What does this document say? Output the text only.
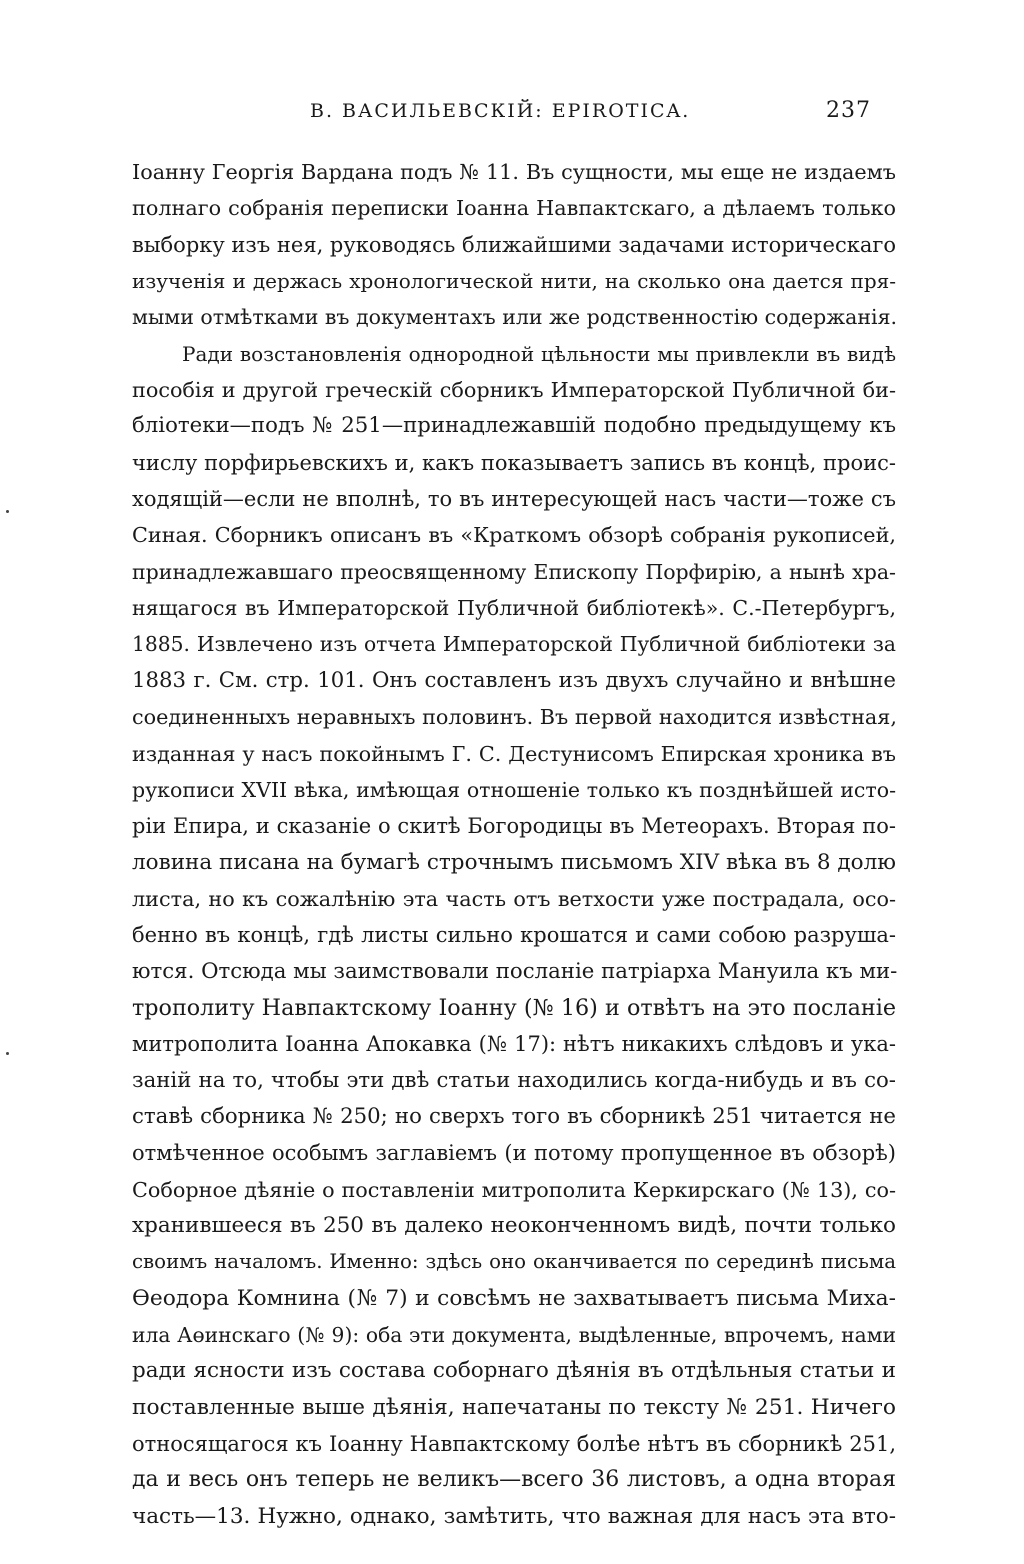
В. ВАСИЛЬЕВСКІЙ: EPIROTICA.	237
Іоанну Георгія Вардана подъ № 11. Въ сущности, мы еще не издаемъ
полнаго собранія переписки Іоанна Навпактскаго, а дѣлаемъ только
выборку изъ нея, руководясь ближайшими задачами историческаго
изученія и держась хронологической нити, на сколько она дается пря-
мыми отмѣтками въ документахъ или же родственностію содержанія.
Ради возстановленія однородной цѣльности мы привлекли въ видѣ
пособія и другой греческій сборникъ Императорской Публичной би-
бліотеки—подъ № 251—принадлежавшій подобно предыдущему къ
числу порфирьевскихъ и, какъ показываетъ запись въ концѣ, проис-
ходящій—если не вполнѣ, то въ интересующей насъ части—тоже съ
Синая. Сборникъ описанъ въ «Краткомъ обзорѣ собранія рукописей,
принадлежавшаго преосвященному Епископу Порфирію, а нынѣ хра-
нящагося въ Императорской Публичной библіотекѣ». С.-Петербургъ,
1885. Извлечено изъ отчета Императорской Публичной библіотеки за
1883 г. См. стр. 101. Онъ составленъ изъ двухъ случайно и внѣшне
соединенныхъ неравныхъ половинъ. Въ первой находится извѣстная,
изданная у насъ покойнымъ Г. С. Дестунисомъ Епирская хроника въ
рукописи XVII вѣка, имѣющая отношеніе только къ позднѣйшей исто-
ріи Епира, и сказаніе о скитѣ Богородицы въ Метеорахъ. Вторая по-
ловина писана на бумагѣ строчнымъ письмомъ XIV вѣка въ 8 долю
листа, но къ сожалѣнію эта часть отъ ветхости уже пострадала, осо-
бенно въ концѣ, гдѣ листы сильно крошатся и сами собою разруша-
ются. Отсюда мы заимствовали посланіе патріарха Мануила къ ми-
трополиту Навпактскому Іоанну (№ 16) и отвѣтъ на это посланіе
митрополита Іоанна Апокавка (№ 17): нѣтъ никакихъ слѣдовъ и ука-
заній на то, чтобы эти двѣ статьи находились когда-нибудь и въ со-
ставѣ сборника № 250; но сверхъ того въ сборникѣ 251 читается не
отмѣченное особымъ заглавіемъ (и потому пропущенное въ обзорѣ)
Соборное дѣяніе о поставленіи митрополита Керкирскаго (№ 13), со-
хранившееся въ 250 въ далеко неоконченномъ видѣ, почти только
своимъ началомъ. Именно: здѣсь оно оканчивается по серединѣ письма
Өеодора Комнина (№ 7) и совсѣмъ не захватываетъ письма Миха-
ила Аөинскаго (№ 9): оба эти документа, выдѣленные, впрочемъ, нами
ради ясности изъ состава соборнаго дѣянія въ отдѣльныя статьи и
поставленные выше дѣянія, напечатаны по тексту № 251. Ничего
относящагося къ Іоанну Навпактскому болѣе нѣтъ въ сборникѣ 251,
да и весь онъ теперь не великъ—всего 36 листовъ, а одна вторая
часть—13. Нужно, однако, замѣтить, что важная для насъ эта вто-
